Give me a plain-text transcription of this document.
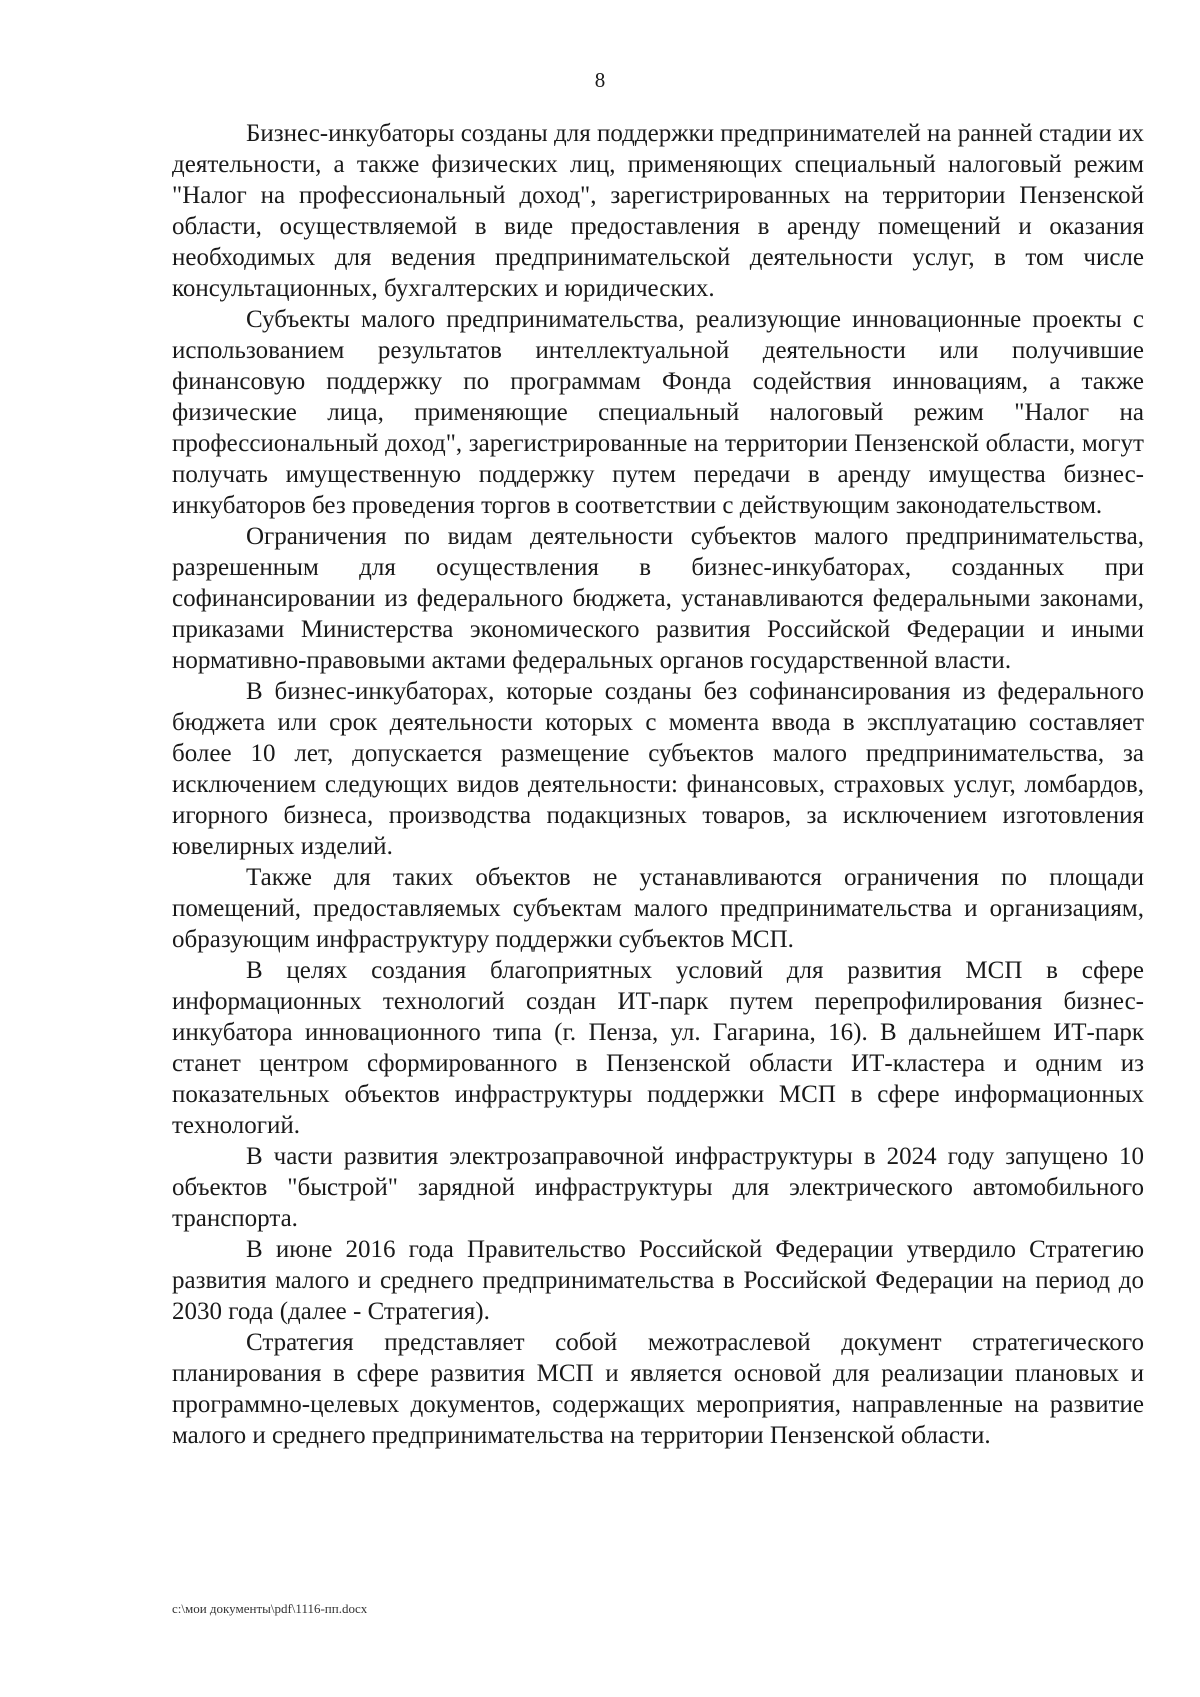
8

Бизнес-инкубаторы созданы для поддержки предпринимателей на ранней стадии их деятельности, а также физических лиц, применяющих специальный налоговый режим "Налог на профессиональный доход", зарегистрированных на территории Пензенской области, осуществляемой в виде предоставления в аренду помещений и оказания необходимых для ведения предпринимательской деятельности услуг, в том числе консультационных, бухгалтерских и юридических.

Субъекты малого предпринимательства, реализующие инновационные проекты с использованием результатов интеллектуальной деятельности или получившие финансовую поддержку по программам Фонда содействия инновациям, а также физические лица, применяющие специальный налоговый режим "Налог на профессиональный доход", зарегистрированные на территории Пензенской области, могут получать имущественную поддержку путем передачи в аренду имущества бизнес-инкубаторов без проведения торгов в соответствии с действующим законодательством.

Ограничения по видам деятельности субъектов малого предпринимательства, разрешенным для осуществления в бизнес-инкубаторах, созданных при софинансировании из федерального бюджета, устанавливаются федеральными законами, приказами Министерства экономического развития Российской Федерации и иными нормативно-правовыми актами федеральных органов государственной власти.

В бизнес-инкубаторах, которые созданы без софинансирования из федерального бюджета или срок деятельности которых с момента ввода в эксплуатацию составляет более 10 лет, допускается размещение субъектов малого предпринимательства, за исключением следующих видов деятельности: финансовых, страховых услуг, ломбардов, игорного бизнеса, производства подакцизных товаров, за исключением изготовления ювелирных изделий.

Также для таких объектов не устанавливаются ограничения по площади помещений, предоставляемых субъектам малого предпринимательства и организациям, образующим инфраструктуру поддержки субъектов МСП.

В целях создания благоприятных условий для развития МСП в сфере информационных технологий создан ИТ-парк путем перепрофилирования бизнес-инкубатора инновационного типа (г. Пенза, ул. Гагарина, 16). В дальнейшем ИТ-парк станет центром сформированного в Пензенской области ИТ-кластера и одним из показательных объектов инфраструктуры поддержки МСП в сфере информационных технологий.

В части развития электрозаправочной инфраструктуры в 2024 году запущено 10 объектов "быстрой" зарядной инфраструктуры для электрического автомобильного транспорта.

В июне 2016 года Правительство Российской Федерации утвердило Стратегию развития малого и среднего предпринимательства в Российской Федерации на период до 2030 года (далее - Стратегия).

Стратегия представляет собой межотраслевой документ стратегического планирования в сфере развития МСП и является основой для реализации плановых и программно-целевых документов, содержащих мероприятия, направленные на развитие малого и среднего предпринимательства на территории Пензенской области.

c:\мои документы\pdf\1116-пп.docx
